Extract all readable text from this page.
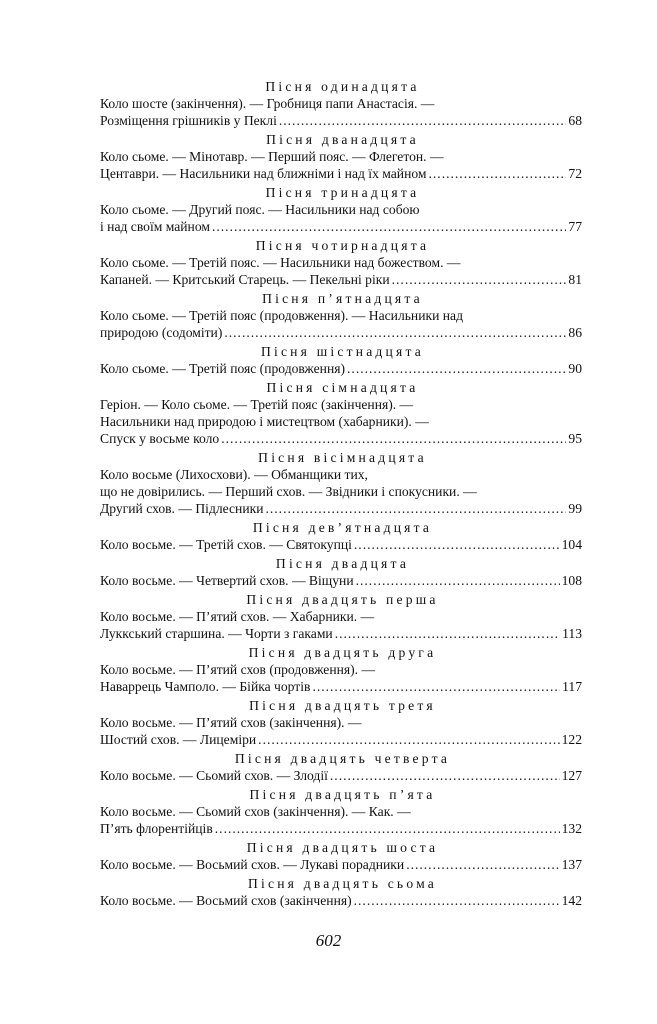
Пісня одинадцята
Коло шосте (закінчення). — Гробниця папи Анастасія. —
Розміщення грішників у Пеклі .....	68
Пісня дванадцята
Коло сьоме. — Мінотавр. — Перший пояс. — Флегетон. —
Центаври. — Насильники над ближніми і над їх майном .....	72
Пісня тринадцята
Коло сьоме. — Другий пояс. — Насильники над собою
і над своїм майном .....	77
Пісня чотирнадцята
Коло сьоме. — Третій пояс. — Насильники над божеством. —
Капаней. — Критський Старець. — Пекельні ріки .....	81
Пісня п’ятнадцята
Коло сьоме. — Третій пояс (продовження). — Насильники над
природою (содоміти) .....	86
Пісня шістнадцята
Коло сьоме. — Третій пояс (продовження) .....	90
Пісня сімнадцята
Геріон. — Коло сьоме. — Третій пояс (закінчення). —
Насильники над природою і мистецтвом (хабарники). —
Спуск у восьме коло .....	95
Пісня вісімнадцята
Коло восьме (Лихосхови). — Обманщики тих,
що не довірились. — Перший схов. — Звідники і спокусники. —
Другий схов. — Підлесники .....	99
Пісня дев’ятнадцята
Коло восьме. — Третій схов. — Святокупці .....	104
Пісня двадцята
Коло восьме. — Четвертий схов. — Віщуни .....	108
Пісня двадцять перша
Коло восьме. — П’ятий схов. — Хабарники. —
Луккський старшина. — Чорти з гаками .....	113
Пісня двадцять друга
Коло восьме. — П’ятий схов (продовження). —
Наваррець Чамполо. — Бійка чортів .....	117
Пісня двадцять третя
Коло восьме. — П’ятий схов (закінчення). —
Шостий схов. — Лицеміри .....	122
Пісня двадцять четверта
Коло восьме. — Сьомий схов. — Злодії .....	127
Пісня двадцять п’ята
Коло восьме. — Сьомий схов (закінчення). — Как. —
П’ять флорентійців .....	132
Пісня двадцять шоста
Коло восьме. — Восьмий схов. — Лукаві порадники .....	137
Пісня двадцять сьома
Коло восьме. — Восьмий схов (закінчення) .....	142
602
